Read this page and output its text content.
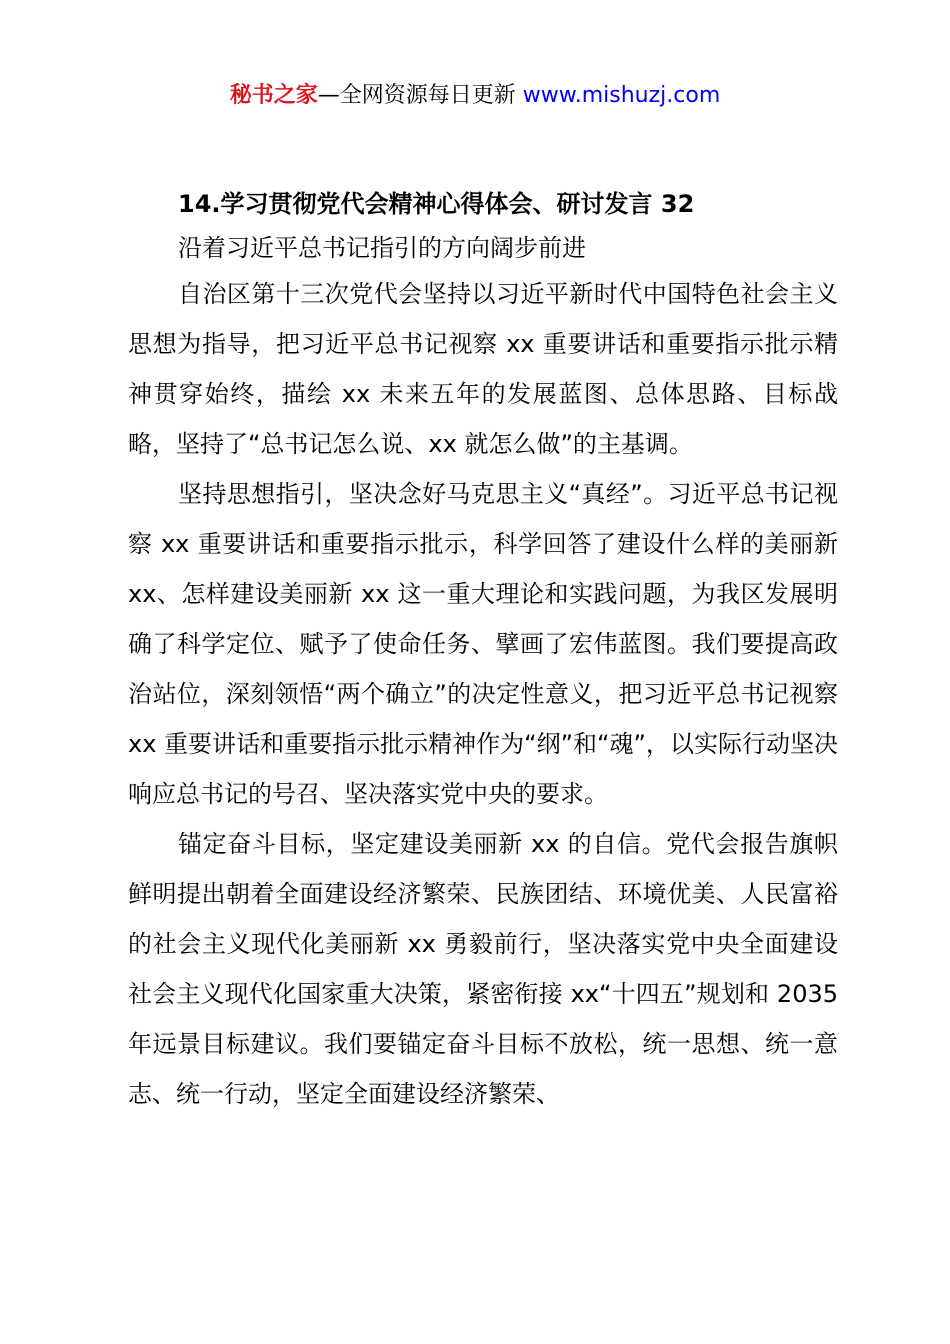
秘书之家—全网资源每日更新 www.mishuzj.com

14.学习贯彻党代会精神心得体会、研讨发言 32

沿着习近平总书记指引的方向阔步前进

自治区第十三次党代会坚持以习近平新时代中国特色社会主义思想为指导，把习近平总书记视察 xx 重要讲话和重要指示批示精神贯穿始终，描绘 xx 未来五年的发展蓝图、总体思路、目标战略，坚持了“总书记怎么说、xx 就怎么做”的主基调。

坚持思想指引，坚决念好马克思主义“真经”。习近平总书记视察 xx 重要讲话和重要指示批示，科学回答了建设什么样的美丽新 xx、怎样建设美丽新 xx 这一重大理论和实践问题，为我区发展明确了科学定位、赋予了使命任务、擘画了宏伟蓝图。我们要提高政治站位，深刻领悟“两个确立”的决定性意义，把习近平总书记视察 xx 重要讲话和重要指示批示精神作为“纲”和“魂”，以实际行动坚决响应总书记的号召、坚决落实党中央的要求。

锚定奋斗目标，坚定建设美丽新 xx 的自信。党代会报告旗帜鲜明提出朝着全面建设经济繁荣、民族团结、环境优美、人民富裕的社会主义现代化美丽新 xx 勇毅前行，坚决落实党中央全面建设社会主义现代化国家重大决策，紧密衔接 xx“十四五”规划和 2035 年远景目标建议。我们要锚定奋斗目标不放松，统一思想、统一意志、统一行动，坚定全面建设经济繁荣、
